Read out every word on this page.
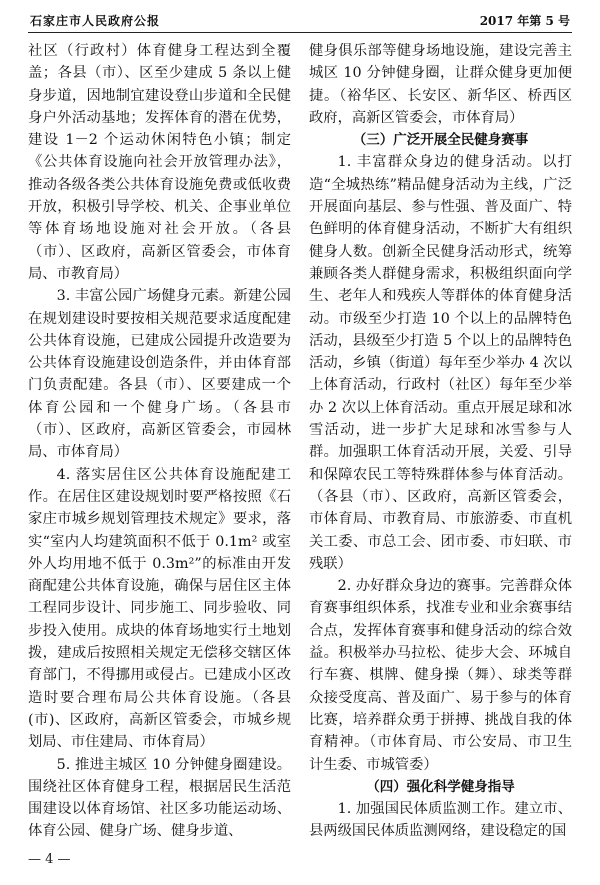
石家庄市人民政府公报	2017 年第 5 号

社区（行政村）体育健身工程达到全覆盖；各县（市）、区至少建成 5 条以上健身步道，因地制宜建设登山步道和全民健身户外活动基地；发挥体育的潜在优势，建设 1－2 个运动休闲特色小镇；制定《公共体育设施向社会开放管理办法》，推动各级各类公共体育设施免费或低收费开放，积极引导学校、机关、企事业单位等体育场地设施对社会开放。（各县（市）、区政府，高新区管委会，市体育局、市教育局）

3. 丰富公园广场健身元素。新建公园在规划建设时要按相关规范要求适度配建公共体育设施，已建成公园提升改造要为公共体育设施建设创造条件，并由体育部门负责配建。各县（市）、区要建成一个体育公园和一个健身广场。（各县市（市）、区政府，高新区管委会，市园林局、市体育局）

4. 落实居住区公共体育设施配建工作。在居住区建设规划时要严格按照《石家庄市城乡规划管理技术规定》要求，落实“室内人均建筑面积不低于 0.1m² 或室外人均用地不低于 0.3m²”的标准由开发商配建公共体育设施，确保与居住区主体工程同步设计、同步施工、同步验收、同步投入使用。成块的体育场地实行土地划拨，建成后按照相关规定无偿移交辖区体育部门，不得挪用或侵占。已建成小区改造时要合理布局公共体育设施。（各县(市)、区政府，高新区管委会，市城乡规划局、市住建局、市体育局）

5. 推进主城区 10 分钟健身圈建设。围绕社区体育健身工程，根据居民生活范围建设以体育场馆、社区多功能运动场、体育公园、健身广场、健身步道、

健身俱乐部等健身场地设施，建设完善主城区 10 分钟健身圈，让群众健身更加便捷。（裕华区、长安区、新华区、桥西区政府，高新区管委会，市体育局）

（三）广泛开展全民健身赛事

1. 丰富群众身边的健身活动。以打造“全城热练”精品健身活动为主线，广泛开展面向基层、参与性强、普及面广、特色鲜明的体育健身活动，不断扩大有组织健身人数。创新全民健身活动形式，统筹兼顾各类人群健身需求，积极组织面向学生、老年人和残疾人等群体的体育健身活动。市级至少打造 10 个以上的品牌特色活动，县级至少打造 5 个以上的品牌特色活动，乡镇（街道）每年至少举办 4 次以上体育活动，行政村（社区）每年至少举办 2 次以上体育活动。重点开展足球和冰雪活动，进一步扩大足球和冰雪参与人群。加强职工体育活动开展，关爱、引导和保障农民工等特殊群体参与体育活动。（各县（市）、区政府，高新区管委会，市体育局、市教育局、市旅游委、市直机关工委、市总工会、团市委、市妇联、市残联）

2. 办好群众身边的赛事。完善群众体育赛事组织体系，找准专业和业余赛事结合点，发挥体育赛事和健身活动的综合效益。积极举办马拉松、徒步大会、环城自行车赛、棋牌、健身操（舞）、球类等群众接受度高、普及面广、易于参与的体育比赛，培养群众勇于拼搏、挑战自我的体育精神。（市体育局、市公安局、市卫生计生委、市城管委）

（四）强化科学健身指导

1. 加强国民体质监测工作。建立市、县两级国民体质监测网络，建设稳定的国

— 4 —
